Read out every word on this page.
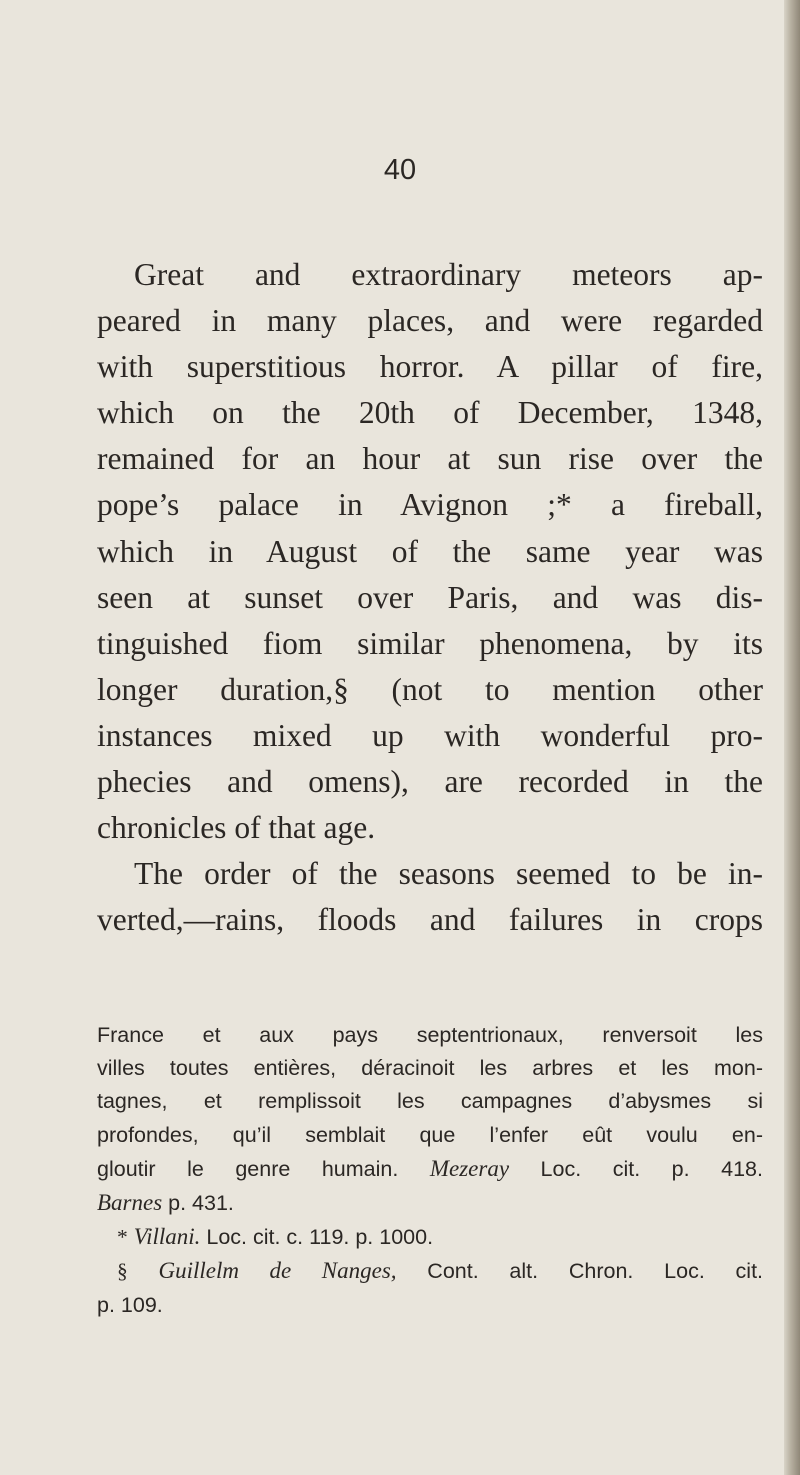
40
Great and extraordinary meteors ap-
peared in many places, and were regarded
with superstitious horror. A pillar of fire,
which on the 20th of December, 1348,
remained for an hour at sun rise over the
pope’s palace in Avignon ;* a fireball,
which in August of the same year was
seen at sunset over Paris, and was dis-
tinguished fiom similar phenomena, by its
longer duration,§ (not to mention other
instances mixed up with wonderful pro-
phecies and omens), are recorded in the
chronicles of that age.
The order of the seasons seemed to be in-
verted,—rains, floods and failures in crops
France et aux pays septentrionaux, renversoit les
villes toutes entières, déracinoit les arbres et les mon-
tagnes, et remplissoit les campagnes d’abysmes si
profondes, qu’il semblait que l’enfer eût voulu en-
gloutir le genre humain. Mezeray Loc. cit. p. 418.
Barnes p. 431.
* Villani. Loc. cit. c. 119. p. 1000.
§ Guillelm de Nanges, Cont. alt. Chron. Loc. cit.
p. 109.
